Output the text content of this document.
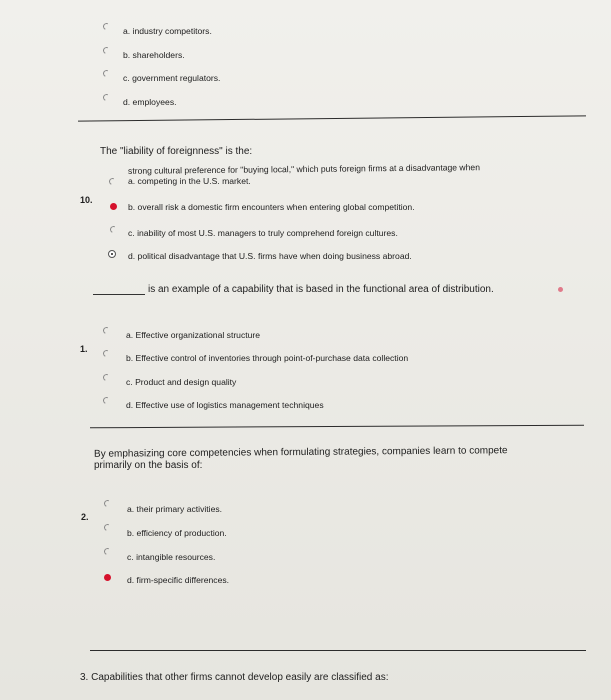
a. industry competitors.
b. shareholders.
c. government regulators.
d. employees.
The "liability of foreignness" is the:
10.
strong cultural preference for "buying local," which puts foreign firms at a disadvantage when
a. competing in the U.S. market.
b. overall risk a domestic firm encounters when entering global competition.
c. inability of most U.S. managers to truly comprehend foreign cultures.
d. political disadvantage that U.S. firms have when doing business abroad.
is an example of a capability that is based in the functional area of distribution.
1.
a. Effective organizational structure
b. Effective control of inventories through point-of-purchase data collection
c. Product and design quality
d. Effective use of logistics management techniques
By emphasizing core competencies when formulating strategies, companies learn to compete
primarily on the basis of:
2.
a. their primary activities.
b. efficiency of production.
c. intangible resources.
d. firm-specific differences.
3. Capabilities that other firms cannot develop easily are classified as:
